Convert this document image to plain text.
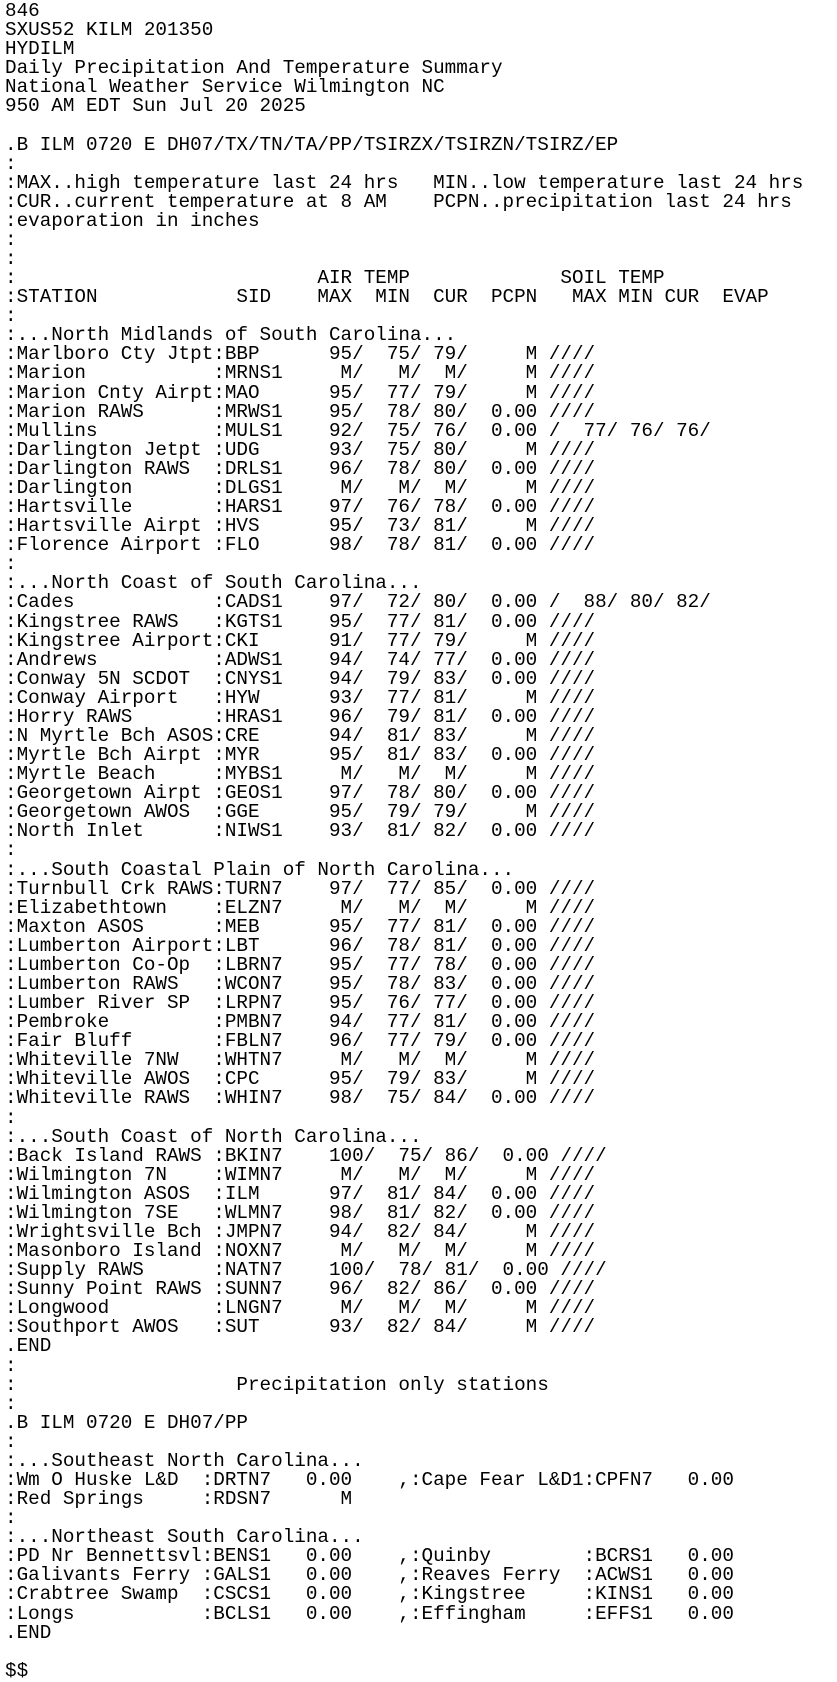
846
SXUS52 KILM 201350
HYDILM
Daily Precipitation And Temperature Summary
National Weather Service Wilmington NC
950 AM EDT Sun Jul 20 2025
.B ILM 0720 E DH07/TX/TN/TA/PP/TSIRZX/TSIRZN/TSIRZ/EP
:
:MAX..high temperature last 24 hrs   MIN..low temperature last 24 hrs
:CUR..current temperature at 8 AM    PCPN..precipitation last 24 hrs
:evaporation in inches
:
:
:                          AIR TEMP             SOIL TEMP
:STATION            SID    MAX  MIN  CUR  PCPN   MAX MIN CUR  EVAP
:
:...North Midlands of South Carolina...
:Marlboro Cty Jtpt:BBP      95/  75/ 79/     M ////
:Marion           :MRNS1     M/   M/  M/     M ////
:Marion Cnty Airpt:MAO      95/  77/ 79/     M ////
:Marion RAWS      :MRWS1    95/  78/ 80/  0.00 ////
:Mullins          :MULS1    92/  75/ 76/  0.00 /  77/ 76/ 76/
:Darlington Jetpt :UDG      93/  75/ 80/     M ////
:Darlington RAWS  :DRLS1    96/  78/ 80/  0.00 ////
:Darlington       :DLGS1     M/   M/  M/     M ////
:Hartsville       :HARS1    97/  76/ 78/  0.00 ////
:Hartsville Airpt :HVS      95/  73/ 81/     M ////
:Florence Airport :FLO      98/  78/ 81/  0.00 ////
:
:...North Coast of South Carolina...
:Cades            :CADS1    97/  72/ 80/  0.00 /  88/ 80/ 82/
:Kingstree RAWS   :KGTS1    95/  77/ 81/  0.00 ////
:Kingstree Airport:CKI      91/  77/ 79/     M ////
:Andrews          :ADWS1    94/  74/ 77/  0.00 ////
:Conway 5N SCDOT  :CNYS1    94/  79/ 83/  0.00 ////
:Conway Airport   :HYW      93/  77/ 81/     M ////
:Horry RAWS       :HRAS1    96/  79/ 81/  0.00 ////
:N Myrtle Bch ASOS:CRE      94/  81/ 83/     M ////
:Myrtle Bch Airpt :MYR      95/  81/ 83/  0.00 ////
:Myrtle Beach     :MYBS1     M/   M/  M/     M ////
:Georgetown Airpt :GEOS1    97/  78/ 80/  0.00 ////
:Georgetown AWOS  :GGE      95/  79/ 79/     M ////
:North Inlet      :NIWS1    93/  81/ 82/  0.00 ////
:
:...South Coastal Plain of North Carolina...
:Turnbull Crk RAWS:TURN7    97/  77/ 85/  0.00 ////
:Elizabethtown    :ELZN7     M/   M/  M/     M ////
:Maxton ASOS      :MEB      95/  77/ 81/  0.00 ////
:Lumberton Airport:LBT      96/  78/ 81/  0.00 ////
:Lumberton Co-Op  :LBRN7    95/  77/ 78/  0.00 ////
:Lumberton RAWS   :WCON7    95/  78/ 83/  0.00 ////
:Lumber River SP  :LRPN7    95/  76/ 77/  0.00 ////
:Pembroke         :PMBN7    94/  77/ 81/  0.00 ////
:Fair Bluff       :FBLN7    96/  77/ 79/  0.00 ////
:Whiteville 7NW   :WHTN7     M/   M/  M/     M ////
:Whiteville AWOS  :CPC      95/  79/ 83/     M ////
:Whiteville RAWS  :WHIN7    98/  75/ 84/  0.00 ////
:
:...South Coast of North Carolina...
:Back Island RAWS :BKIN7    100/  75/ 86/  0.00 ////
:Wilmington 7N    :WIMN7     M/   M/  M/     M ////
:Wilmington ASOS  :ILM      97/  81/ 84/  0.00 ////
:Wilmington 7SE   :WLMN7    98/  81/ 82/  0.00 ////
:Wrightsville Bch :JMPN7    94/  82/ 84/     M ////
:Masonboro Island :NOXN7     M/   M/  M/     M ////
:Supply RAWS      :NATN7    100/  78/ 81/  0.00 ////
:Sunny Point RAWS :SUNN7    96/  82/ 86/  0.00 ////
:Longwood         :LNGN7     M/   M/  M/     M ////
:Southport AWOS   :SUT      93/  82/ 84/     M ////
.END
:
:                   Precipitation only stations
:
.B ILM 0720 E DH07/PP
:
:...Southeast North Carolina...
:Wm O Huske L&D  :DRTN7   0.00    ,:Cape Fear L&D1:CPFN7   0.00
:Red Springs     :RDSN7      M
:
:...Northeast South Carolina...
:PD Nr Bennettsvl:BENS1   0.00    ,:Quinby        :BCRS1   0.00
:Galivants Ferry :GALS1   0.00    ,:Reaves Ferry  :ACWS1   0.00
:Crabtree Swamp  :CSCS1   0.00    ,:Kingstree     :KINS1   0.00
:Longs           :BCLS1   0.00    ,:Effingham     :EFFS1   0.00
.END
$$
